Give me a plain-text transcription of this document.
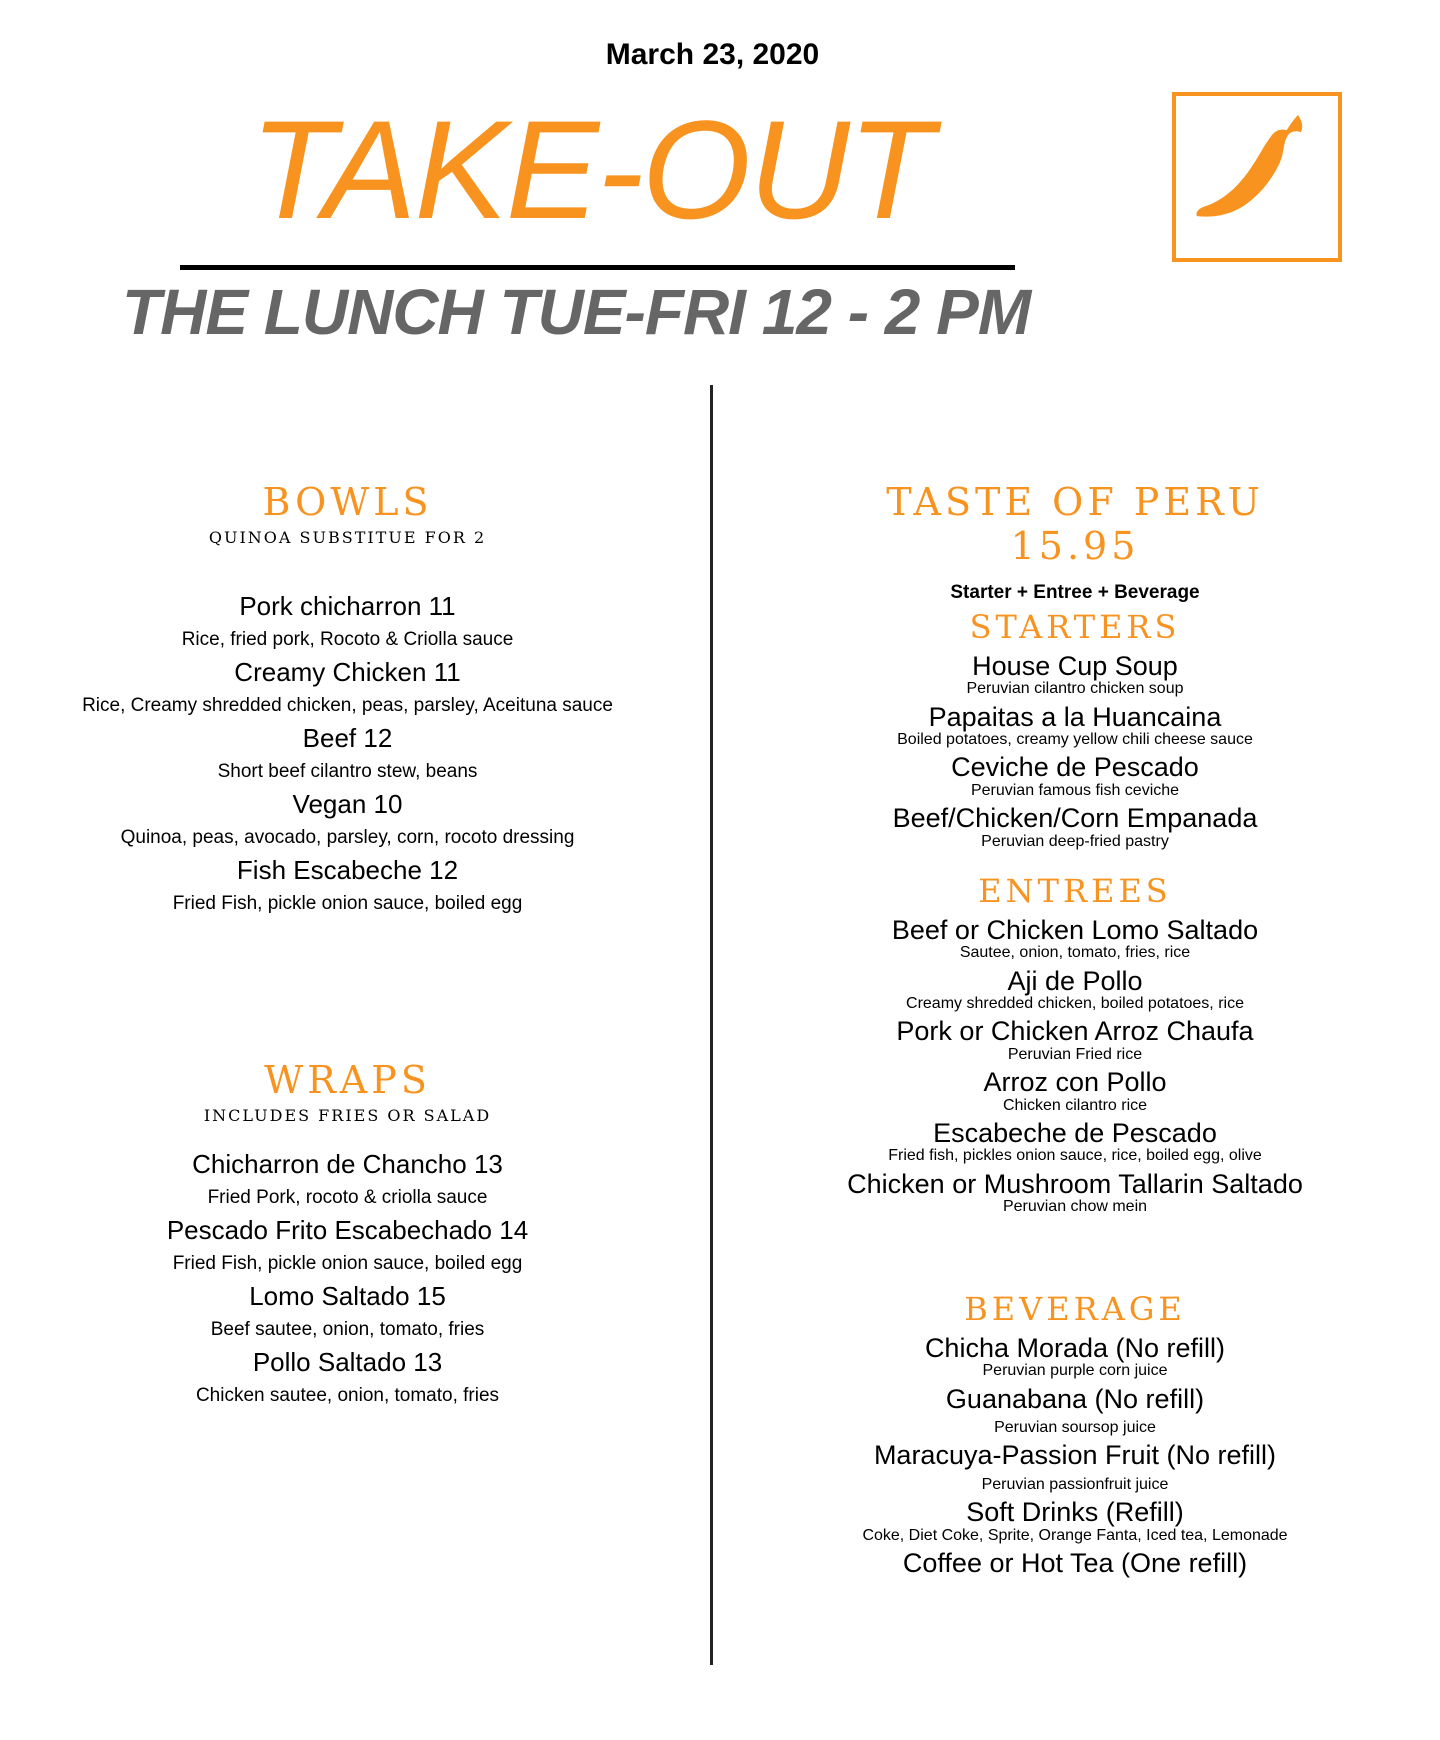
March 23, 2020
TAKE-OUT
THE LUNCH TUE-FRI 12 - 2 PM
BOWLS
QUINOA SUBSTITUE FOR 2
Pork chicharron 11
Rice, fried pork, Rocoto & Criolla sauce
Creamy Chicken 11
Rice, Creamy shredded chicken, peas, parsley, Aceituna sauce
Beef 12
Short beef cilantro stew, beans
Vegan 10
Quinoa, peas, avocado, parsley, corn, rocoto dressing
Fish Escabeche 12
Fried Fish, pickle onion sauce, boiled egg
WRAPS
INCLUDES FRIES OR SALAD
Chicharron de Chancho 13
Fried Pork, rocoto & criolla sauce
Pescado Frito Escabechado 14
Fried Fish, pickle onion sauce, boiled egg
Lomo Saltado 15
Beef sautee, onion, tomato, fries
Pollo Saltado 13
Chicken sautee, onion, tomato, fries
TASTE OF PERU 15.95
Starter + Entree + Beverage
STARTERS
House Cup Soup
Peruvian cilantro chicken soup
Papaitas a la Huancaina
Boiled potatoes, creamy yellow chili cheese sauce
Ceviche de Pescado
Peruvian famous fish ceviche
Beef/Chicken/Corn Empanada
Peruvian deep-fried pastry
ENTREES
Beef or Chicken Lomo Saltado
Sautee, onion, tomato, fries, rice
Aji de Pollo
Creamy shredded chicken, boiled potatoes, rice
Pork or Chicken Arroz Chaufa
Peruvian Fried rice
Arroz con Pollo
Chicken cilantro rice
Escabeche de Pescado
Fried fish, pickles onion sauce, rice, boiled egg, olive
Chicken or Mushroom Tallarin Saltado
Peruvian chow mein
BEVERAGE
Chicha Morada (No refill)
Peruvian purple corn juice
Guanabana (No refill)
Peruvian soursop juice
Maracuya-Passion Fruit (No refill)
Peruvian passionfruit juice
Soft Drinks (Refill)
Coke, Diet Coke, Sprite, Orange Fanta, Iced tea, Lemonade
Coffee or Hot Tea (One refill)
